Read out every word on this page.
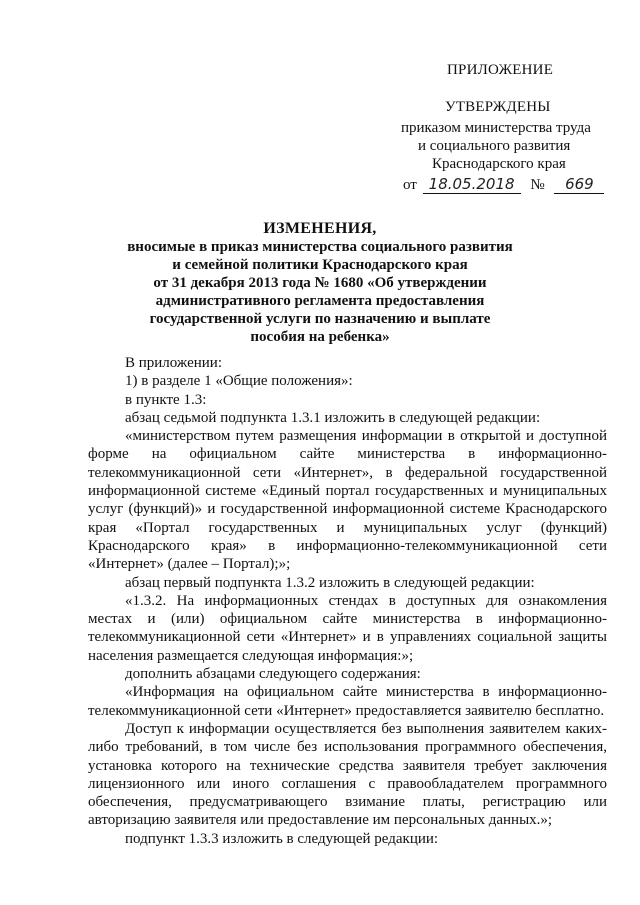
ПРИЛОЖЕНИЕ
УТВЕРЖДЕНЫ
приказом министерства труда
и социального развития
Краснодарского края
от 18.05.2018 № 669
ИЗМЕНЕНИЯ,
вносимые в приказ министерства социального развития
и семейной политики Краснодарского края
от 31 декабря 2013 года № 1680 «Об утверждении
административного регламента предоставления
государственной услуги по назначению и выплате
пособия на ребенка»

В приложении:

1) в разделе 1 «Общие положения»:

в пункте 1.3:

абзац седьмой подпункта 1.3.1 изложить в следующей редакции:

«министерством путем размещения информации в открытой и доступной форме на официальном сайте министерства в информационно-телекоммуникационной сети «Интернет», в федеральной государственной информационной системе «Единый портал государственных и муниципальных услуг (функций)» и государственной информационной системе Краснодарского края «Портал государственных и муниципальных услуг (функций) Краснодарского края» в информационно-телекоммуникационной сети «Интернет» (далее – Портал);»;

абзац первый подпункта 1.3.2 изложить в следующей редакции:

«1.3.2. На информационных стендах в доступных для ознакомления местах и (или) официальном сайте министерства в информационно-телекоммуникационной сети «Интернет» и в управлениях социальной защиты населения размещается следующая информация:»;

дополнить абзацами следующего содержания:

«Информация на официальном сайте министерства в информационно-телекоммуникационной сети «Интернет» предоставляется заявителю бесплатно.

Доступ к информации осуществляется без выполнения заявителем каких-либо требований, в том числе без использования программного обеспечения, установка которого на технические средства заявителя требует заключения лицензионного или иного соглашения с правообладателем программного обеспечения, предусматривающего взимание платы, регистрацию или авторизацию заявителя или предоставление им персональных данных.»;

подпункт 1.3.3 изложить в следующей редакции:
